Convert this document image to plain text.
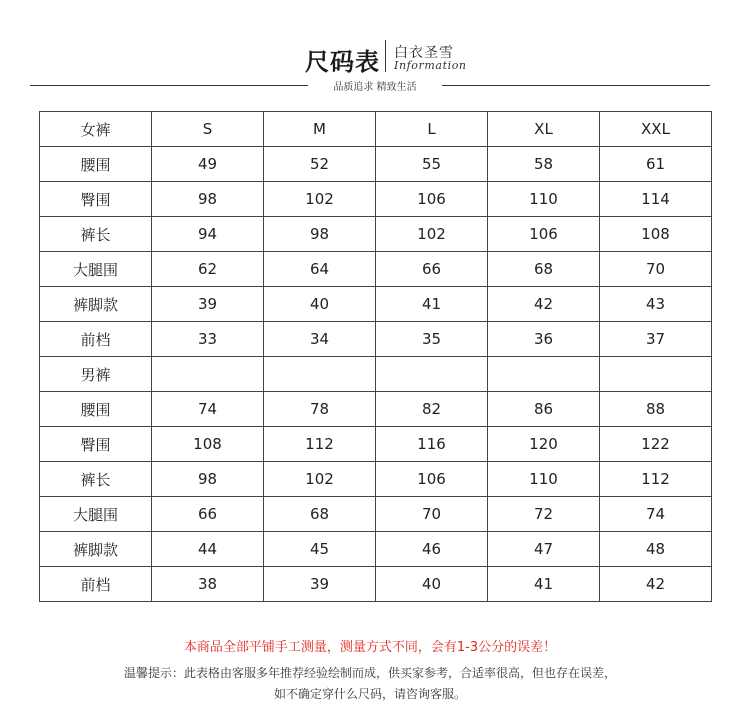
尺码表 白衣圣雪
Information
品质追求 精致生活
女裤	S	M	L	XL	XXL
腰围	49	52	55	58	61
臀围	98	102	106	110	114
裤长	94	98	102	106	108
大腿围	62	64	66	68	70
裤脚款	39	40	41	42	43
前档	33	34	35	36	37
男裤					
腰围	74	78	82	86	88
臀围	108	112	116	120	122
裤长	98	102	106	110	112
大腿围	66	68	70	72	74
裤脚款	44	45	46	47	48
前档	38	39	40	41	42
本商品全部平铺手工测量，测量方式不同，会有1-3公分的误差！
温馨提示：此表格由客服多年推荐经验绘制而成，供买家参考，合适率很高，但也存在误差，
如不确定穿什么尺码，请咨询客服。
